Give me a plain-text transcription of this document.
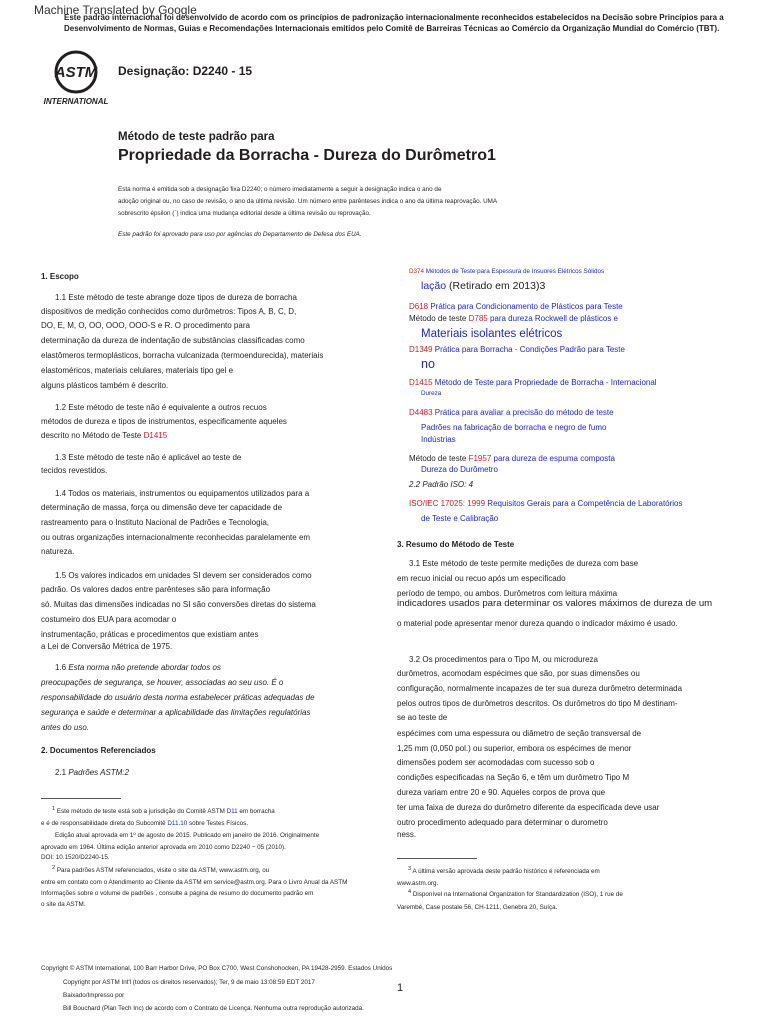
Machine Translated by Google
Este padrão internacional foi desenvolvido de acordo com os princípios de padronização internacionalmente reconhecidos estabelecidos na Decisão sobre Princípios para a
Desenvolvimento de Normas, Guias e Recomendações Internacionais emitidos pelo Comitê de Barreiras Técnicas ao Comércio da Organização Mundial do Comércio (TBT).
ASTM
INTERNATIONAL
Designação: D2240 - 15
Método de teste padrão para
Propriedade da Borracha - Dureza do Durômetro1
Esta norma é emitida sob a designação fixa D2240; o número imediatamente a seguir à designação indica o ano de
adoção original ou, no caso de revisão, o ano da última revisão. Um número entre parênteses indica o ano da última reaprovação. UMA
sobrescrito épsilon (´) indica uma mudança editorial desde a última revisão ou reprovação.
Este padrão foi aprovado para uso por agências do Departamento de Defesa dos EUA.
1. Escopo
1.1 Este método de teste abrange doze tipos de dureza de borracha
dispositivos de medição conhecidos como durômetros: Tipos A, B, C, D,
DO, E, M, O, OO, OOO, OOO-S e R. O procedimento para
determinação da dureza de indentação de substâncias classificadas como
elastômeros termoplásticos, borracha vulcanizada (termoendurecida), materiais
elastoméricos, materiais celulares, materiais tipo gel e
alguns plásticos também é descrito.
1.2 Este método de teste não é equivalente a outros recuos
métodos de dureza e tipos de instrumentos, especificamente aqueles
descrito no Método de Teste D1415
1.3 Este método de teste não é aplicável ao teste de
tecidos revestidos.
1.4 Todos os materiais, instrumentos ou equipamentos utilizados para a
determinação de massa, força ou dimensão deve ter capacidade de
rastreamento para o Instituto Nacional de Padrões e Tecnologia,
ou outras organizações internacionalmente reconhecidas paralelamente em
natureza.
1.5 Os valores indicados em unidades SI devem ser considerados como
padrão. Os valores dados entre parênteses são para informação
só. Muitas das dimensões indicadas no SI são conversões diretas do sistema
costumeiro dos EUA para acomodar o
instrumentação, práticas e procedimentos que existiam antes
a Lei de Conversão Métrica de 1975.
1.6 Esta norma não pretende abordar todos os
preocupações de segurança, se houver, associadas ao seu uso. É o
responsabilidade do usuário desta norma estabelecer práticas adequadas de
segurança e saúde e determinar a aplicabilidade das limitações regulatórias
antes do uso.
2. Documentos Referenciados
2.1 Padrões ASTM:2
$^1$ Este método de teste está sob a jurisdição do Comitê ASTM D11 em borracha
e é de responsabilidade direta do Subcomitê D11.10 sobre Testes Físicos.
Edição atual aprovada em 1º de agosto de 2015. Publicado em janeiro de 2016. Originalmente
aprovado em 1964. Última edição anterior aprovada em 2010 como D2240 − 05 (2010).
DOI: 10.1520/D2240-15.
$^2$ Para padrões ASTM referenciados, visite o site da ASTM, www.astm.org, ou
entre em contato com o Atendimento ao Cliente da ASTM em service@astm.org. Para o Livro Anual da ASTM
Informações sobre o volume de padrões , consulte a página de resumo do documento padrão em
o site da ASTM.
D374 Métodos de Teste para Espessura de Insuores Elétricos Sólidos
lação (Retirado em 2013)3
D618 Prática para Condicionamento de Plásticos para Teste
Método de teste D785 para dureza Rockwell de plásticos e
Materiais isolantes elétricos
D1349 Prática para Borracha - Condições Padrão para Teste
no
D1415 Método de Teste para Propriedade de Borracha - Internacional
Dureza
D4483 Prática para avaliar a precisão do método de teste
Padrões na fabricação de borracha e negro de fumo
Indústrias
Método de teste F1957 para dureza de espuma composta
Dureza do Durômetro
2.2 Padrão ISO: 4
ISO/IEC 17025: 1999 Requisitos Gerais para a Competência de Laboratórios
de Teste e Calibração
3. Resumo do Método de Teste
3.1 Este método de teste permite medições de dureza com base
em recuo inicial ou recuo após um especificado
período de tempo, ou ambos. Durômetros com leitura máxima
indicadores usados para determinar os valores máximos de dureza de um
o material pode apresentar menor dureza quando o indicador máximo é usado.
3.2 Os procedimentos para o Tipo M, ou microdureza
durômetros, acomodam espécimes que são, por suas dimensões ou
configuração, normalmente incapazes de ter sua dureza durômetro determinada
pelos outros tipos de durômetros descritos. Os durômetros do tipo M destinam-
se ao teste de
espécimes com uma espessura ou diâmetro de seção transversal de
1,25 mm (0,050 pol.) ou superior, embora os espécimes de menor
dimensões podem ser acomodadas com sucesso sob o
condições especificadas na Seção 6, e têm um durômetro Tipo M
dureza variam entre 20 e 90. Aqueles corpos de prova que
ter uma faixa de dureza do durômetro diferente da especificada deve usar
outro procedimento adequado para determinar o durometro
ness.
$^3$ A última versão aprovada deste padrão histórico é referenciada em
www.astm.org.
$^4$ Disponível na International Organization for Standardization (ISO), 1 rue de
Varembé, Case postale 56, CH-1211, Genebra 20, Suíça.
Copyright © ASTM International, 100 Barr Harbor Drive, PO Box C700, West Conshohocken, PA 19428-2959. Estados Unidos
Copyright por ASTM Int'l (todos os direitos reservados); Ter, 9 de maio 13:08:59 EDT 2017	1
Baixado/Impresso por
Bill Bouchard (Plan Tech Inc) de acordo com o Contrato de Licença. Nenhuma outra reprodução autorizada.
